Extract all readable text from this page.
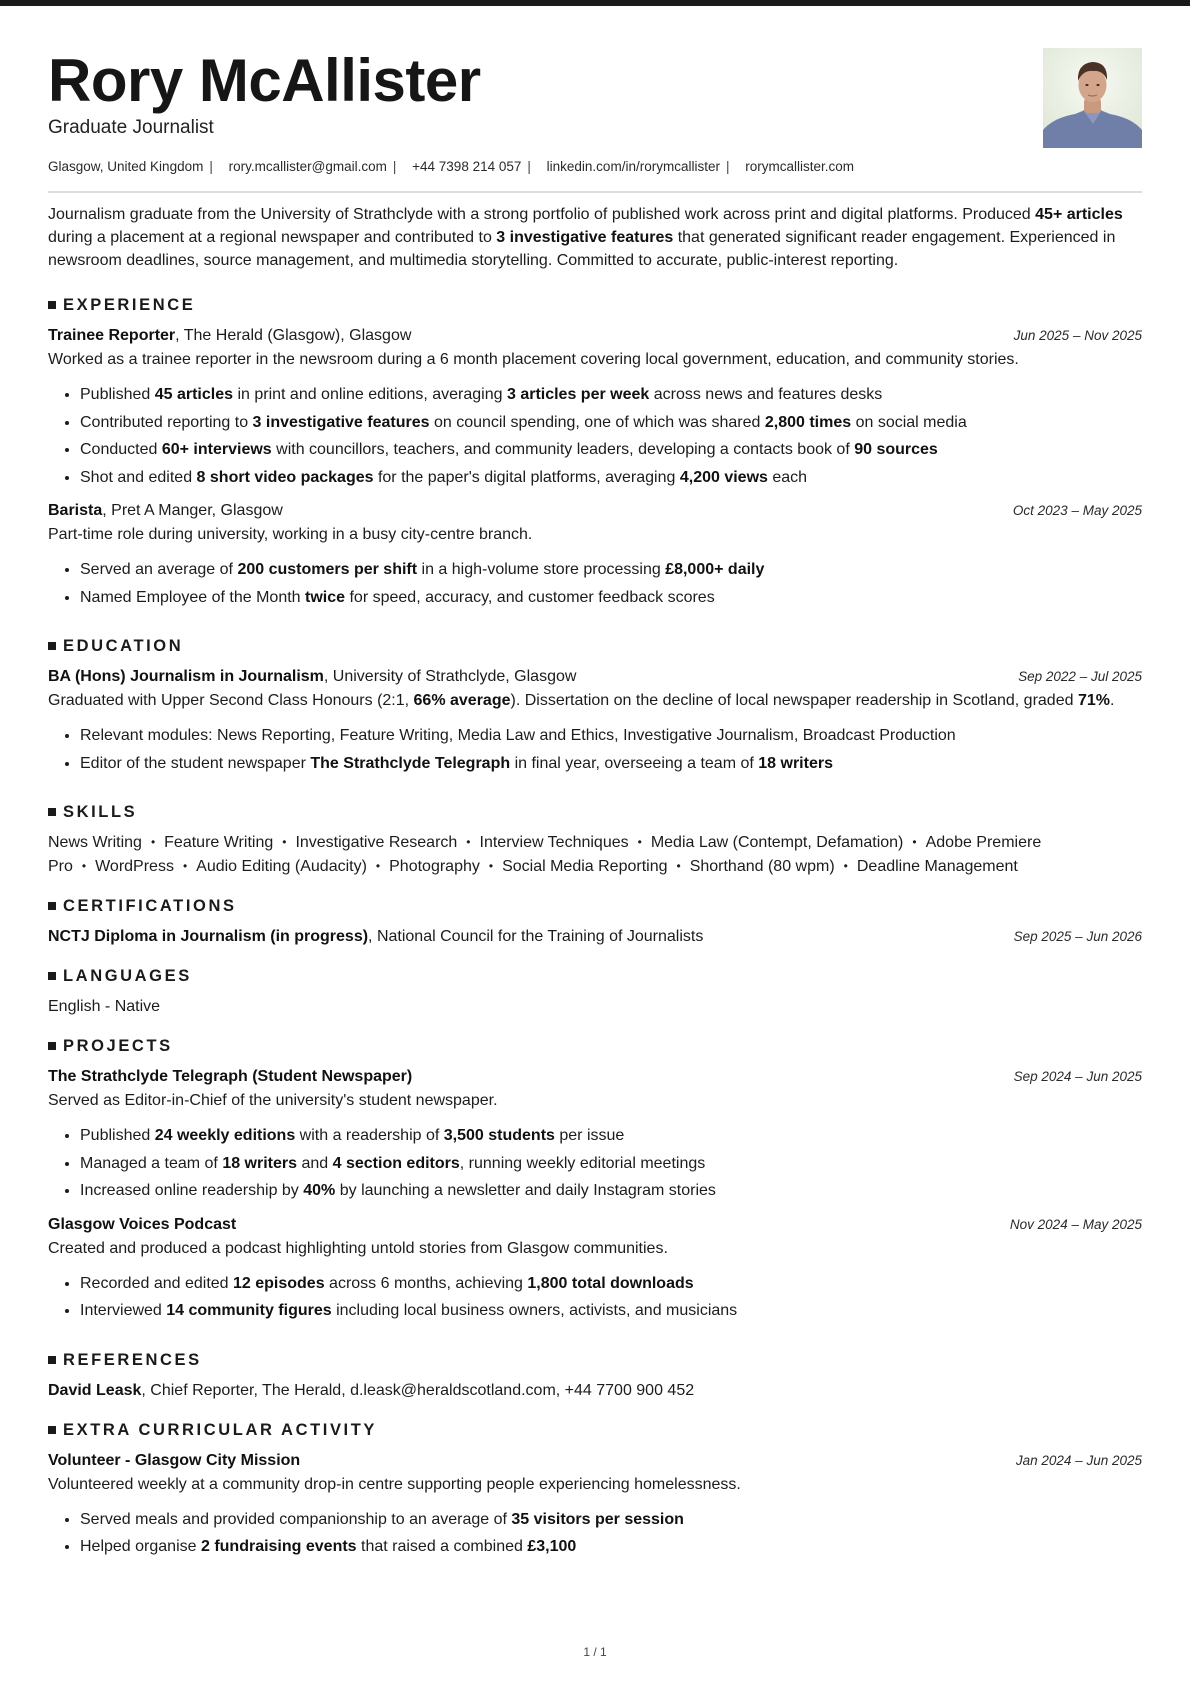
Rory McAllister
Graduate Journalist
Glasgow, United Kingdom | rory.mcallister@gmail.com | +44 7398 214 057 | linkedin.com/in/rorymcallister | rorymcallister.com

Journalism graduate from the University of Strathclyde with a strong portfolio of published work across print and digital platforms. Produced 45+ articles during a placement at a regional newspaper and contributed to 3 investigative features that generated significant reader engagement. Experienced in newsroom deadlines, source management, and multimedia storytelling. Committed to accurate, public-interest reporting.

EXPERIENCE
Trainee Reporter, The Herald (Glasgow), Glasgow	Jun 2025 – Nov 2025

Worked as a trainee reporter in the newsroom during a 6 month placement covering local government, education, and community stories.

• Published 45 articles in print and online editions, averaging 3 articles per week across news and features desks
• Contributed reporting to 3 investigative features on council spending, one of which was shared 2,800 times on social media
• Conducted 60+ interviews with councillors, teachers, and community leaders, developing a contacts book of 90 sources
• Shot and edited 8 short video packages for the paper's digital platforms, averaging 4,200 views each
Barista, Pret A Manger, Glasgow	Oct 2023 – May 2025

Part-time role during university, working in a busy city-centre branch.

• Served an average of 200 customers per shift in a high-volume store processing £8,000+ daily
• Named Employee of the Month twice for speed, accuracy, and customer feedback scores
EDUCATION
BA (Hons) Journalism in Journalism, University of Strathclyde, Glasgow	Sep 2022 – Jul 2025

Graduated with Upper Second Class Honours (2:1, 66% average). Dissertation on the decline of local newspaper readership in Scotland, graded 71%.

• Relevant modules: News Reporting, Feature Writing, Media Law and Ethics, Investigative Journalism, Broadcast Production
• Editor of the student newspaper The Strathclyde Telegraph in final year, overseeing a team of 18 writers
SKILLS

News Writing • Feature Writing • Investigative Research • Interview Techniques • Media Law (Contempt, Defamation) • Adobe Premiere Pro • WordPress • Audio Editing (Audacity) • Photography • Social Media Reporting • Shorthand (80 wpm) • Deadline Management

CERTIFICATIONS
NCTJ Diploma in Journalism (in progress), National Council for the Training of Journalists	Sep 2025 – Jun 2026
LANGUAGES

English - Native

PROJECTS
The Strathclyde Telegraph (Student Newspaper)	Sep 2024 – Jun 2025

Served as Editor-in-Chief of the university's student newspaper.

• Published 24 weekly editions with a readership of 3,500 students per issue
• Managed a team of 18 writers and 4 section editors, running weekly editorial meetings
• Increased online readership by 40% by launching a newsletter and daily Instagram stories
Glasgow Voices Podcast	Nov 2024 – May 2025

Created and produced a podcast highlighting untold stories from Glasgow communities.

• Recorded and edited 12 episodes across 6 months, achieving 1,800 total downloads
• Interviewed 14 community figures including local business owners, activists, and musicians
REFERENCES

David Leask, Chief Reporter, The Herald, d.leask@heraldscotland.com, +44 7700 900 452

EXTRA CURRICULAR ACTIVITY
Volunteer - Glasgow City Mission	Jan 2024 – Jun 2025

Volunteered weekly at a community drop-in centre supporting people experiencing homelessness.

• Served meals and provided companionship to an average of 35 visitors per session
• Helped organise 2 fundraising events that raised a combined £3,100
1 / 1
